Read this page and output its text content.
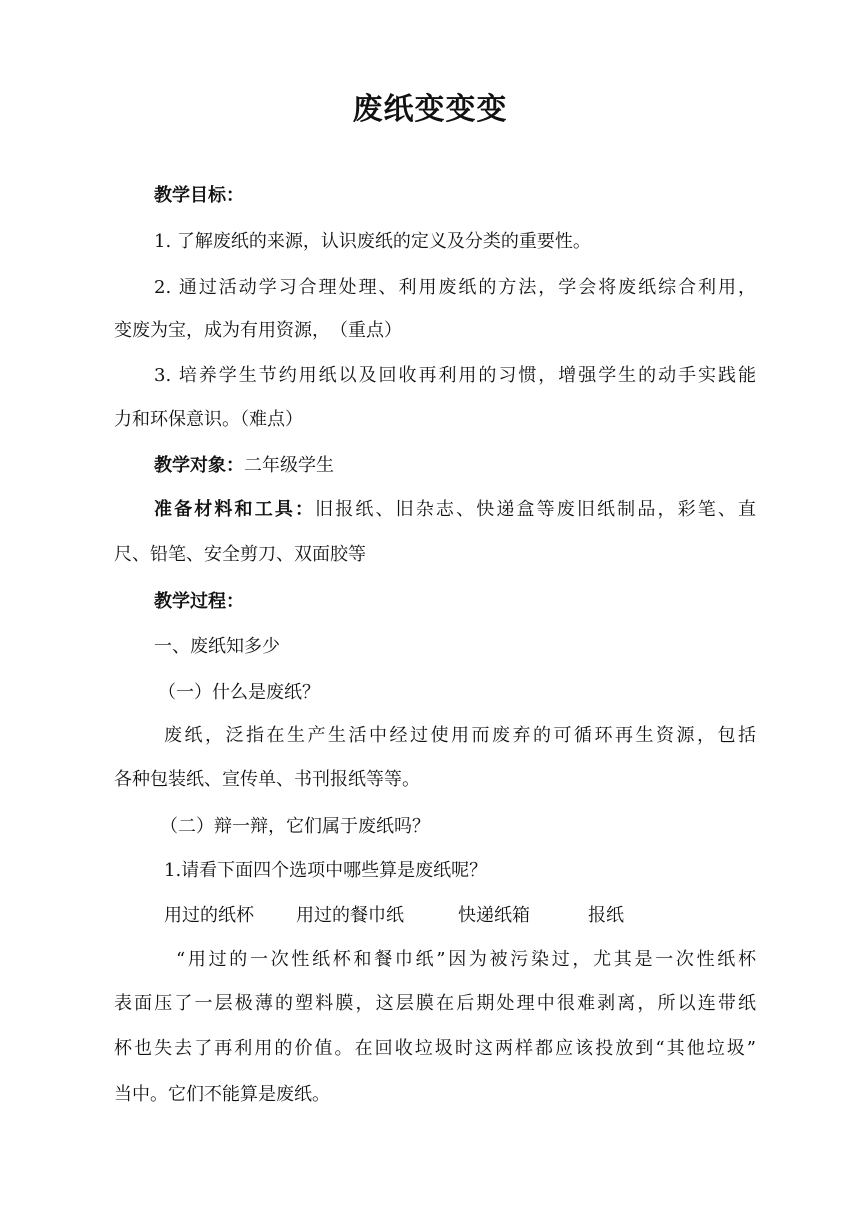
废纸变变变
教学目标：
1. 了解废纸的来源，认识废纸的定义及分类的重要性。
2. 通过活动学习合理处理、利用废纸的方法，学会将废纸综合利用，
变废为宝，成为有用资源，　（重点）
3. 培养学生节约用纸以及回收再利用的习惯，增强学生的动手实践能
力和环保意识。（难点）
教学对象：二年级学生
准备材料和工具：旧报纸、旧杂志、快递盒等废旧纸制品，彩笔、直
尺、铅笔、安全剪刀、双面胶等
教学过程：
一、废纸知多少
（一）什么是废纸？
废纸，泛指在生产生活中经过使用而废弃的可循环再生资源，包括
各种包装纸、宣传单、书刊报纸等等。
（二）辩一辩，它们属于废纸吗？
1.请看下面四个选项中哪些算是废纸呢？
用过的纸杯 用过的餐巾纸	快递纸箱	报纸
“用过的一次性纸杯和餐巾纸”因为被污染过，尤其是一次性纸杯
表面压了一层极薄的塑料膜，这层膜在后期处理中很难剥离，所以连带纸
杯也失去了再利用的价值。在回收垃圾时这两样都应该投放到“其他垃圾”
当中。它们不能算是废纸。
